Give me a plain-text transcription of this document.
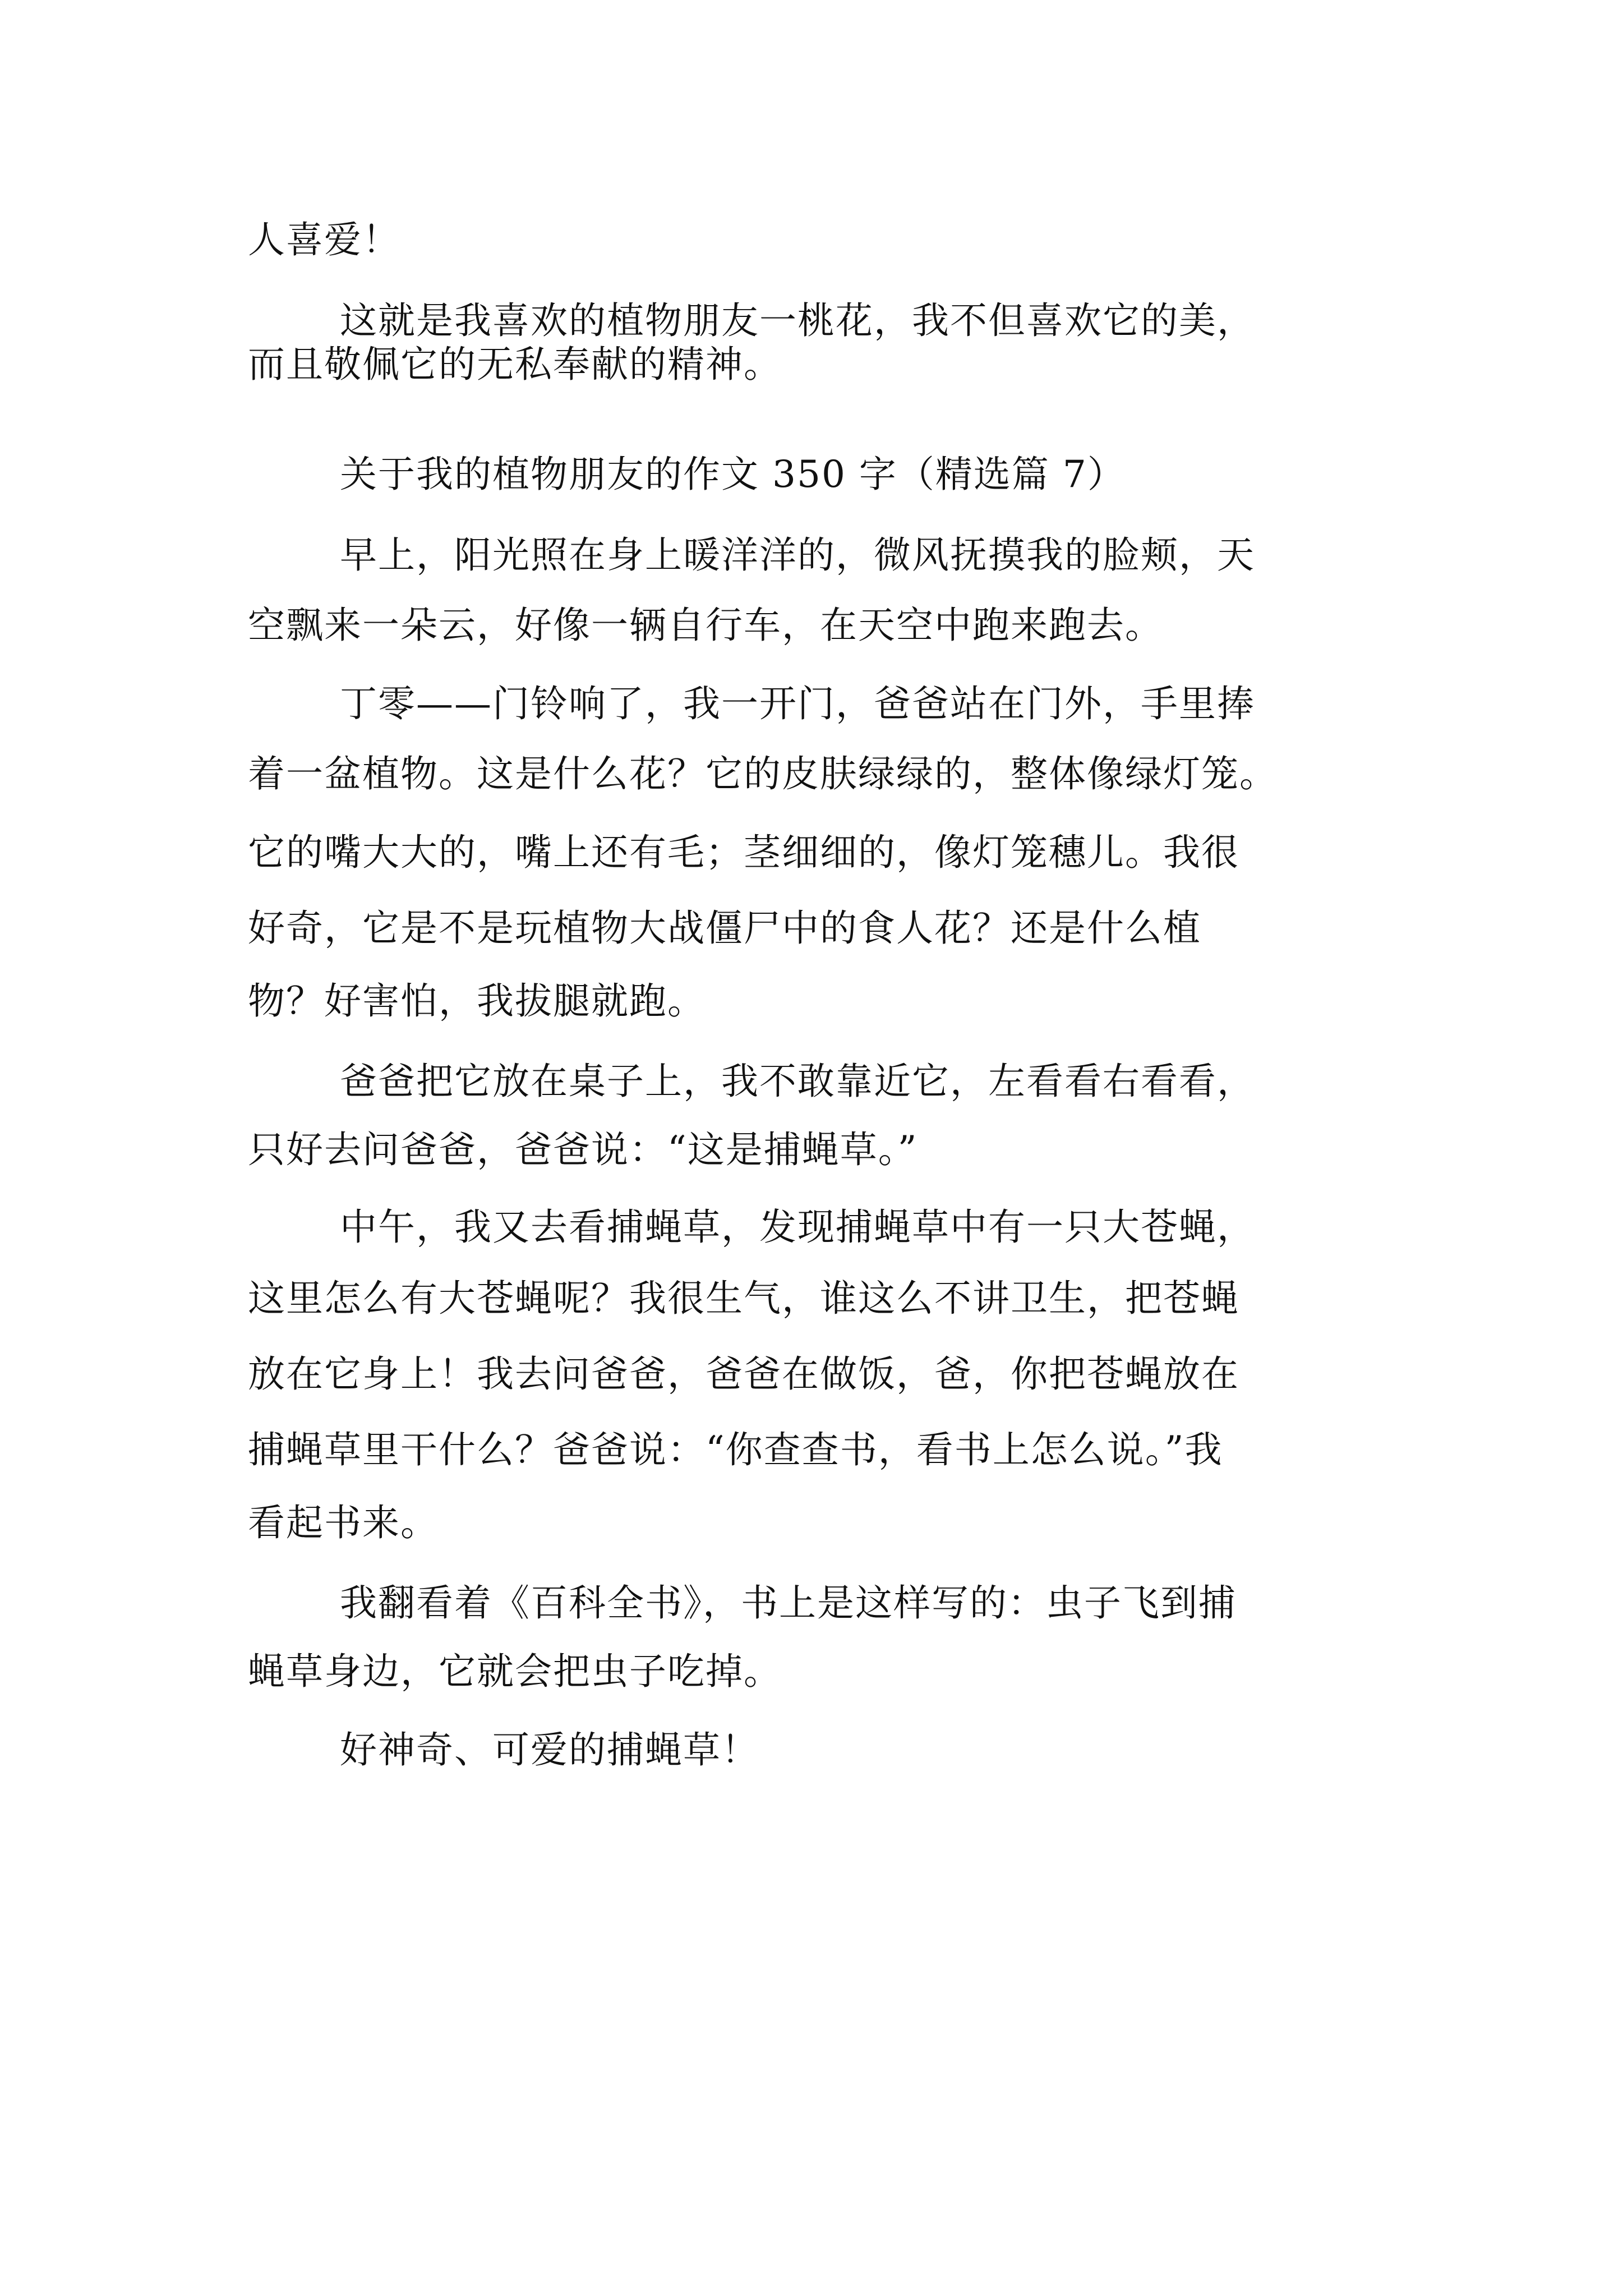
人喜爱！
这就是我喜欢的植物朋友一桃花，我不但喜欢它的美，
而且敬佩它的无私奉献的精神。
关于我的植物朋友的作文 350 字（精选篇 7）
早上，阳光照在身上暖洋洋的，微风抚摸我的脸颊，天
空飘来一朵云，好像一辆自行车，在天空中跑来跑去。
丁零——门铃响了，我一开门，爸爸站在门外，手里捧
着一盆植物。这是什么花？它的皮肤绿绿的，整体像绿灯笼。
它的嘴大大的，嘴上还有毛；茎细细的，像灯笼穗儿。我很
好奇，它是不是玩植物大战僵尸中的食人花？还是什么植
物？好害怕，我拔腿就跑。
爸爸把它放在桌子上，我不敢靠近它，左看看右看看，
只好去问爸爸，爸爸说：“这是捕蝇草。”
中午，我又去看捕蝇草，发现捕蝇草中有一只大苍蝇，
这里怎么有大苍蝇呢？我很生气，谁这么不讲卫生，把苍蝇
放在它身上！我去问爸爸，爸爸在做饭，爸，你把苍蝇放在
捕蝇草里干什么？爸爸说：“你查查书，看书上怎么说。”我
看起书来。
我翻看着《百科全书》，书上是这样写的：虫子飞到捕
蝇草身边，它就会把虫子吃掉。
好神奇、可爱的捕蝇草！
